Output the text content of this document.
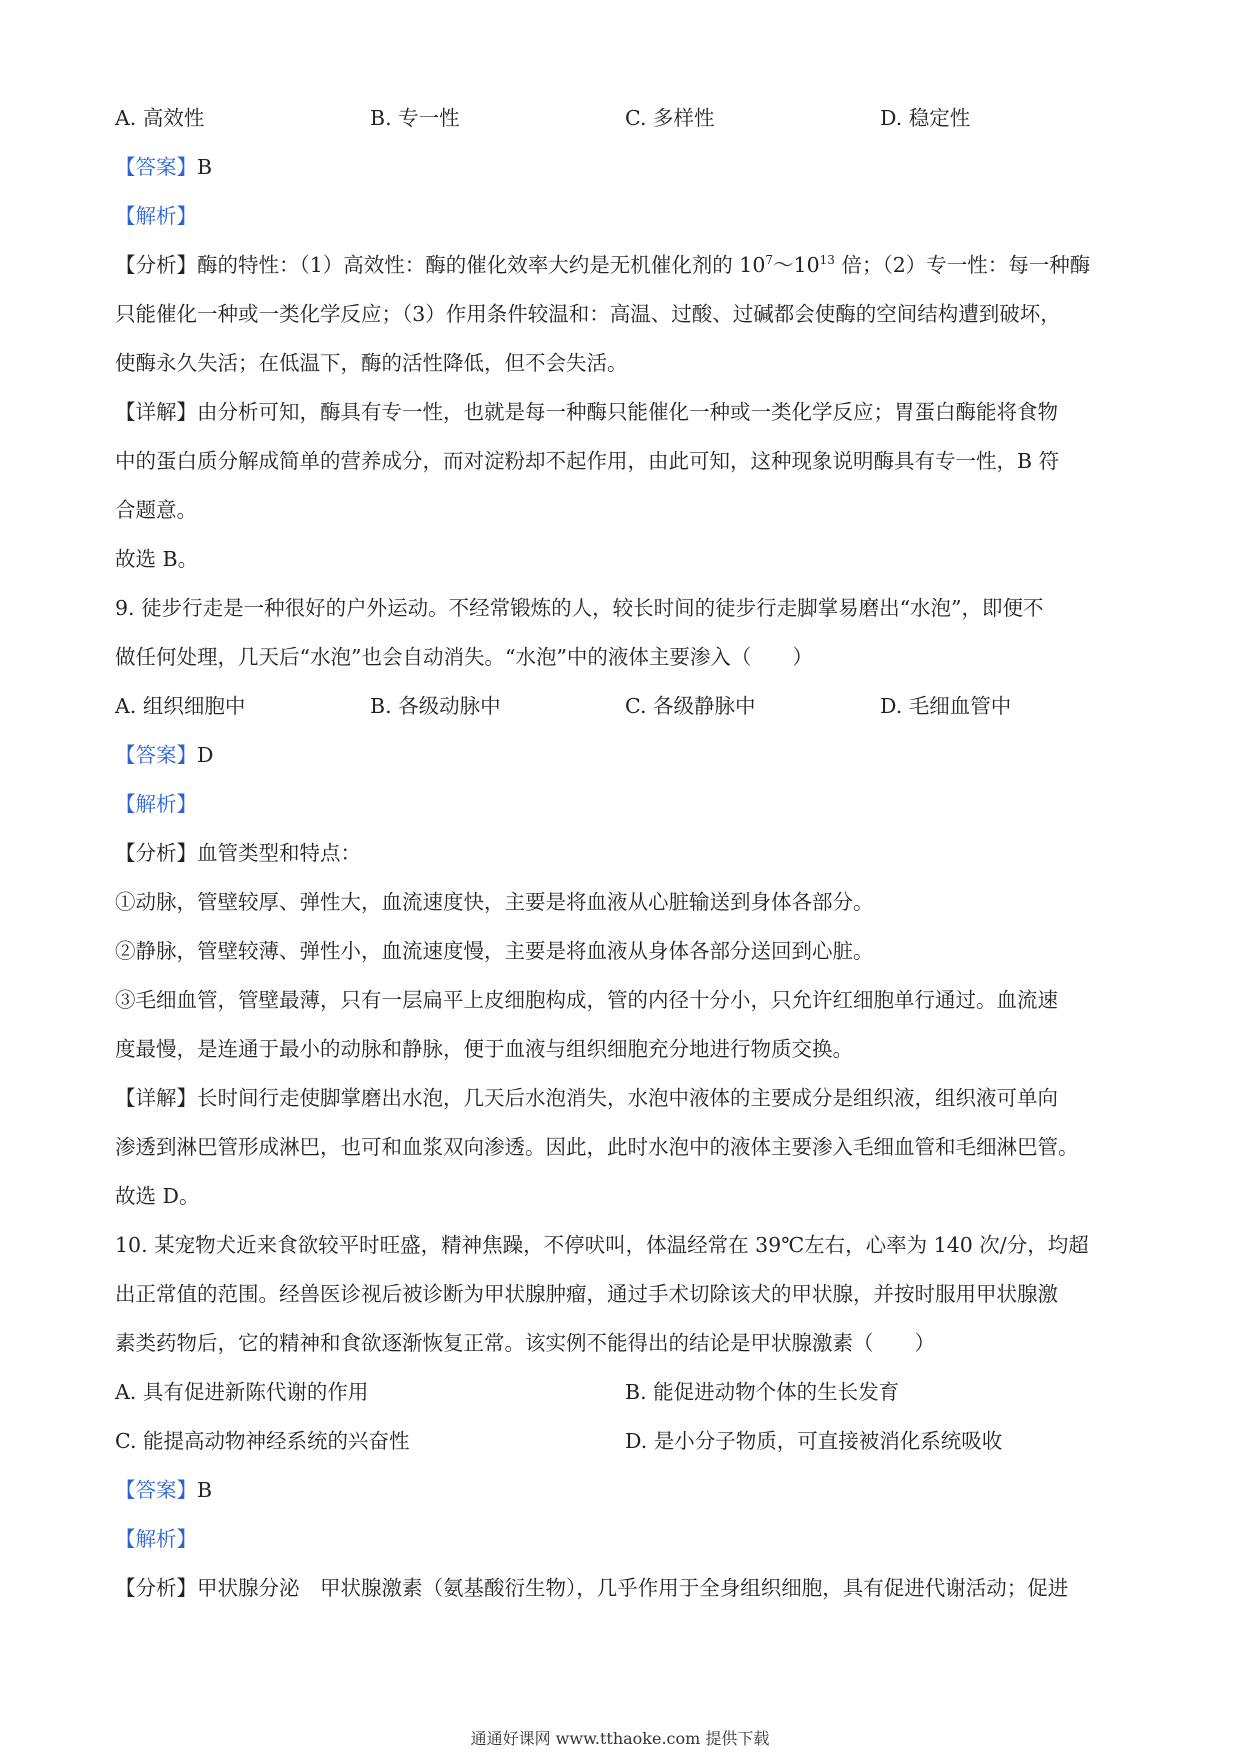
A. 高效性	B. 专一性	C. 多样性	D. 稳定性
【答案】B
【解析】
【分析】酶的特性：（1）高效性：酶的催化效率大约是无机催化剂的 $10^7\sim 10^{13}$ 倍；（2）专一性：每一种酶
只能催化一种或一类化学反应；（3）作用条件较温和：高温、过酸、过碱都会使酶的空间结构遭到破坏，
使酶永久失活；在低温下，酶的活性降低，但不会失活。
【详解】由分析可知，酶具有专一性，也就是每一种酶只能催化一种或一类化学反应；胃蛋白酶能将食物
中的蛋白质分解成简单的营养成分，而对淀粉却不起作用，由此可知，这种现象说明酶具有专一性，B 符
合题意。
故选 B。
9. 徒步行走是一种很好的户外运动。不经常锻炼的人，较长时间的徒步行走脚掌易磨出“水泡”，即便不
做任何处理，几天后“水泡”也会自动消失。“水泡”中的液体主要渗入（　　）
A. 组织细胞中	B. 各级动脉中	C. 各级静脉中	D. 毛细血管中
【答案】D
【解析】
【分析】血管类型和特点：
①动脉，管壁较厚、弹性大，血流速度快，主要是将血液从心脏输送到身体各部分。
②静脉，管壁较薄、弹性小，血流速度慢，主要是将血液从身体各部分送回到心脏。
③毛细血管，管壁最薄，只有一层扁平上皮细胞构成，管的内径十分小，只允许红细胞单行通过。血流速
度最慢，是连通于最小的动脉和静脉，便于血液与组织细胞充分地进行物质交换。
【详解】长时间行走使脚掌磨出水泡，几天后水泡消失，水泡中液体的主要成分是组织液，组织液可单向
渗透到淋巴管形成淋巴，也可和血浆双向渗透。因此，此时水泡中的液体主要渗入毛细血管和毛细淋巴管。
故选 D。
10. 某宠物犬近来食欲较平时旺盛，精神焦躁，不停吠叫，体温经常在 39℃左右，心率为 140 次/分，均超
出正常值的范围。经兽医诊视后被诊断为甲状腺肿瘤，通过手术切除该犬的甲状腺，并按时服用甲状腺激
素类药物后，它的精神和食欲逐渐恢复正常。该实例不能得出的结论是甲状腺激素（　　）
A. 具有促进新陈代谢的作用	B. 能促进动物个体的生长发育
C. 能提高动物神经系统的兴奋性	D. 是小分子物质，可直接被消化系统吸收
【答案】B
【解析】
【分析】甲状腺分泌　甲状腺激素（氨基酸衍生物），几乎作用于全身组织细胞，具有促进代谢活动；促进
通通好课网 www.tthaoke.com 提供下载
